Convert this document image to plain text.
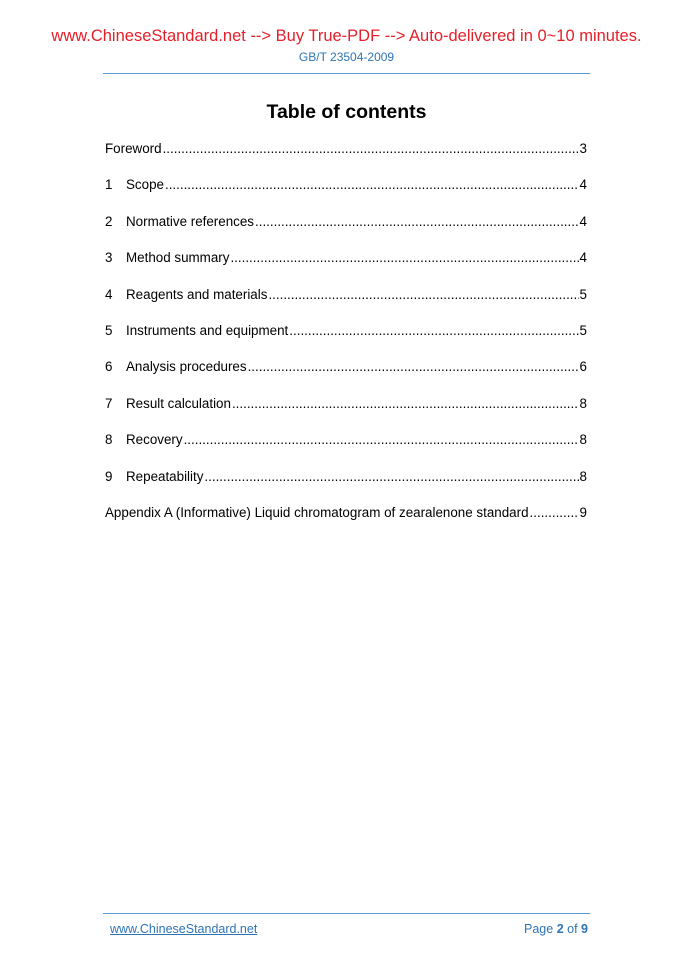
www.ChineseStandard.net --> Buy True-PDF --> Auto-delivered in 0~10 minutes.
GB/T 23504-2009
Table of contents
Foreword .....	3
1	Scope .....	4
2	Normative references .....	4
3	Method summary .....	4
4	Reagents and materials .....	5
5	Instruments and equipment .....	5
6	Analysis procedures .....	6
7	Result calculation .....	8
8	Recovery .....	8
9	Repeatability .....	8
Appendix A (Informative) Liquid chromatogram of zearalenone standard .....	9
www.ChineseStandard.net	Page 2 of 9
